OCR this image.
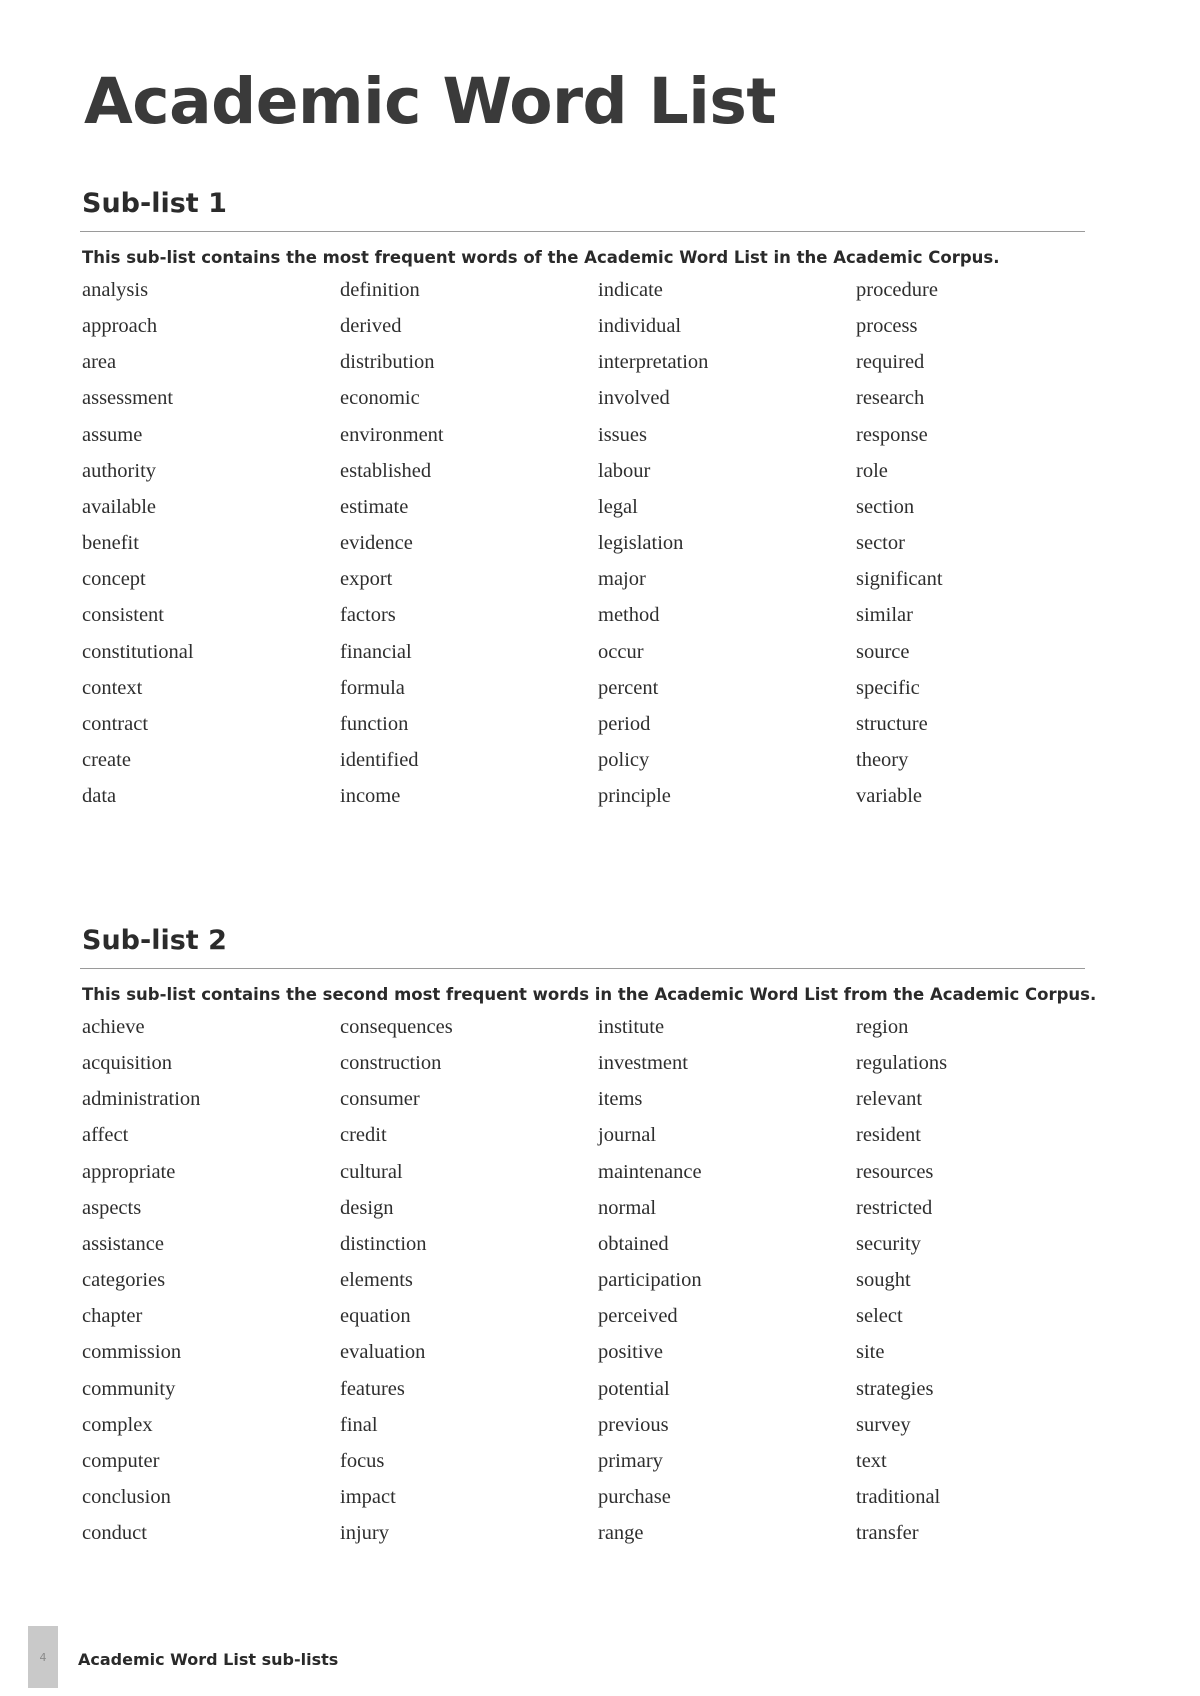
Academic Word List
Sub-list 1

This sub-list contains the most frequent words of the Academic Word List in the Academic Corpus.

analysis
approach
area
assessment
assume
authority
available
benefit
concept
consistent
constitutional
context
contract
create
data
definition
derived
distribution
economic
environment
established
estimate
evidence
export
factors
financial
formula
function
identified
income
indicate
individual
interpretation
involved
issues
labour
legal
legislation
major
method
occur
percent
period
policy
principle
procedure
process
required
research
response
role
section
sector
significant
similar
source
specific
structure
theory
variable
Sub-list 2

This sub-list contains the second most frequent words in the Academic Word List from the Academic Corpus.

achieve
acquisition
administration
affect
appropriate
aspects
assistance
categories
chapter
commission
community
complex
computer
conclusion
conduct
consequences
construction
consumer
credit
cultural
design
distinction
elements
equation
evaluation
features
final
focus
impact
injury
institute
investment
items
journal
maintenance
normal
obtained
participation
perceived
positive
potential
previous
primary
purchase
range
region
regulations
relevant
resident
resources
restricted
security
sought
select
site
strategies
survey
text
traditional
transfer
4	Academic Word List sub-lists
